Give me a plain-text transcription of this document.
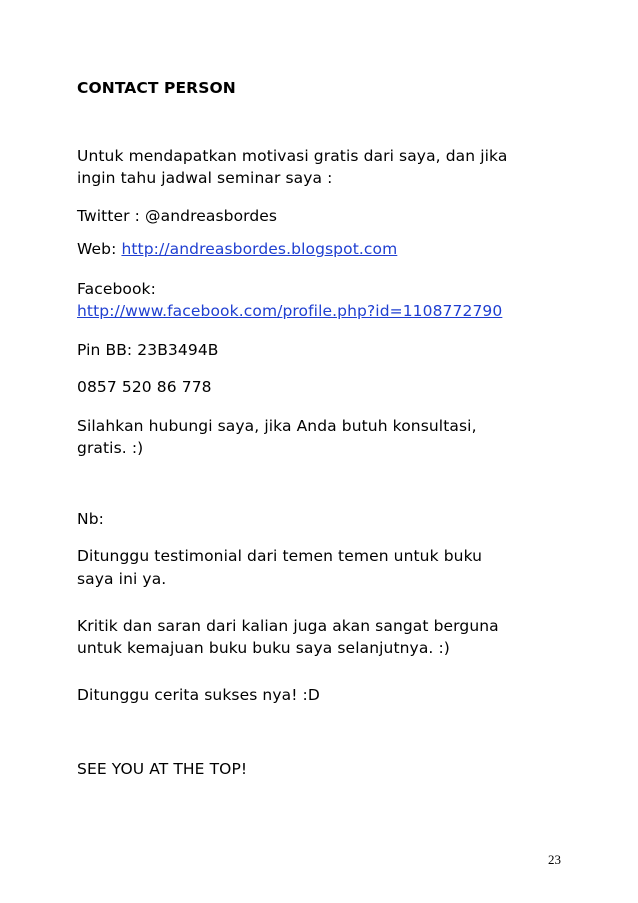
CONTACT PERSON
Untuk mendapatkan motivasi gratis dari saya, dan jika
ingin tahu jadwal seminar saya :
Twitter : @andreasbordes
Web: http://andreasbordes.blogspot.com
Facebook:
http://www.facebook.com/profile.php?id=1108772790
Pin BB: 23B3494B
0857 520 86 778
Silahkan hubungi saya, jika Anda butuh konsultasi,
gratis. :)
Nb:
Ditunggu testimonial dari temen temen untuk buku
saya ini ya.
Kritik dan saran dari kalian juga akan sangat berguna
untuk kemajuan buku buku saya selanjutnya. :)
Ditunggu cerita sukses nya! :D
SEE YOU AT THE TOP!
23
